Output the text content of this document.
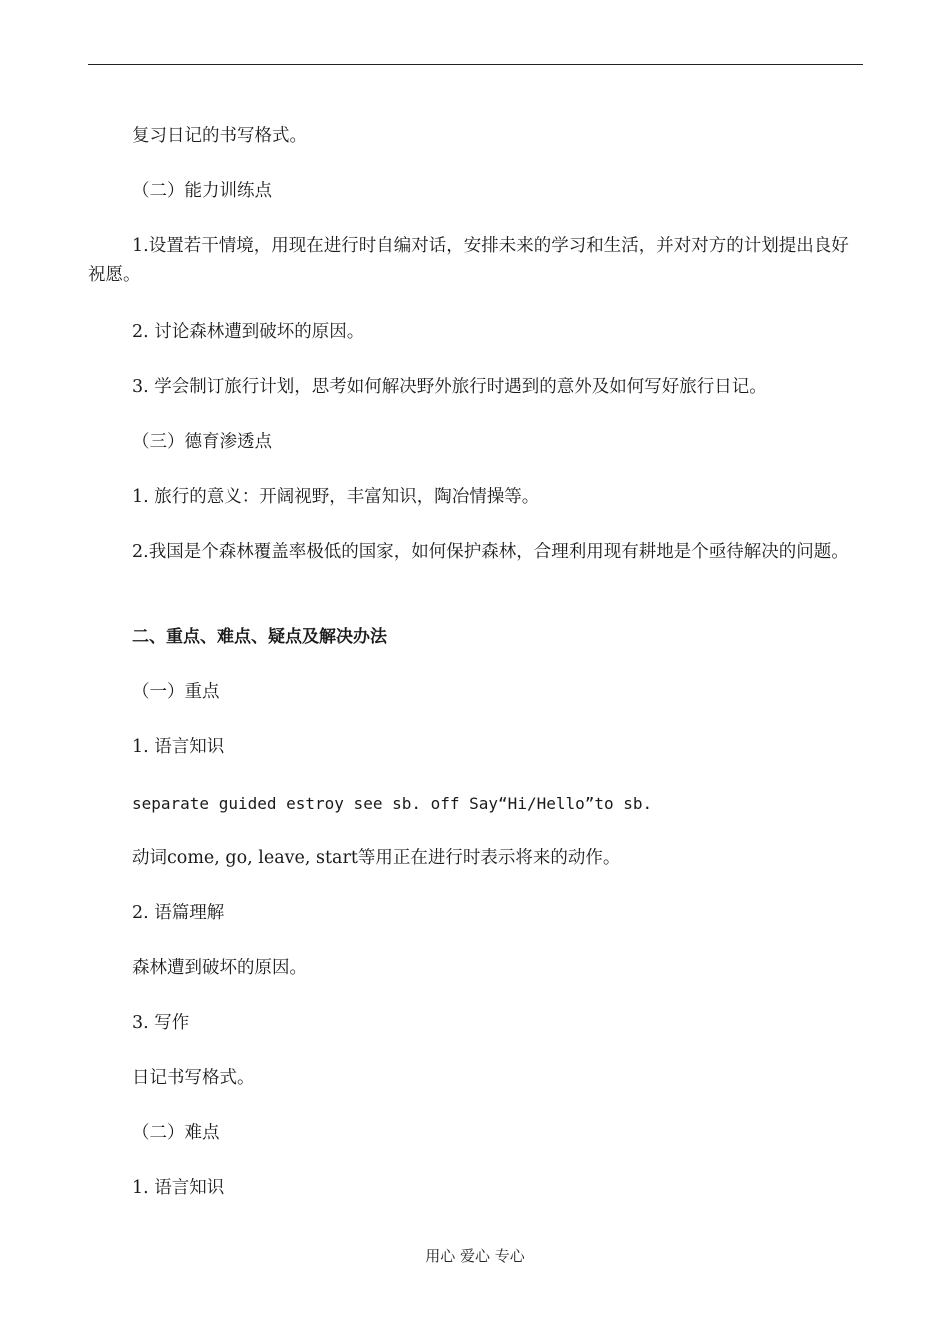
复习日记的书写格式。
（二）能力训练点
1.设置若干情境，用现在进行时自编对话，安排未来的学习和生活，并对对方的计划提出良好祝愿。
2. 讨论森林遭到破坏的原因。
3. 学会制订旅行计划，思考如何解决野外旅行时遇到的意外及如何写好旅行日记。
（三）德育渗透点
1. 旅行的意义：开阔视野，丰富知识，陶冶情操等。
2.我国是个森林覆盖率极低的国家，如何保护森林，合理利用现有耕地是个亟待解决的问题。
二、重点、难点、疑点及解决办法
（一）重点
1. 语言知识
separate guided estroy see sb. off Say“Hi/Hello”to sb.
动词come, go, leave, start等用正在进行时表示将来的动作。
2. 语篇理解
森林遭到破坏的原因。
3. 写作
日记书写格式。
（二）难点
1. 语言知识
用心 爱心 专心
